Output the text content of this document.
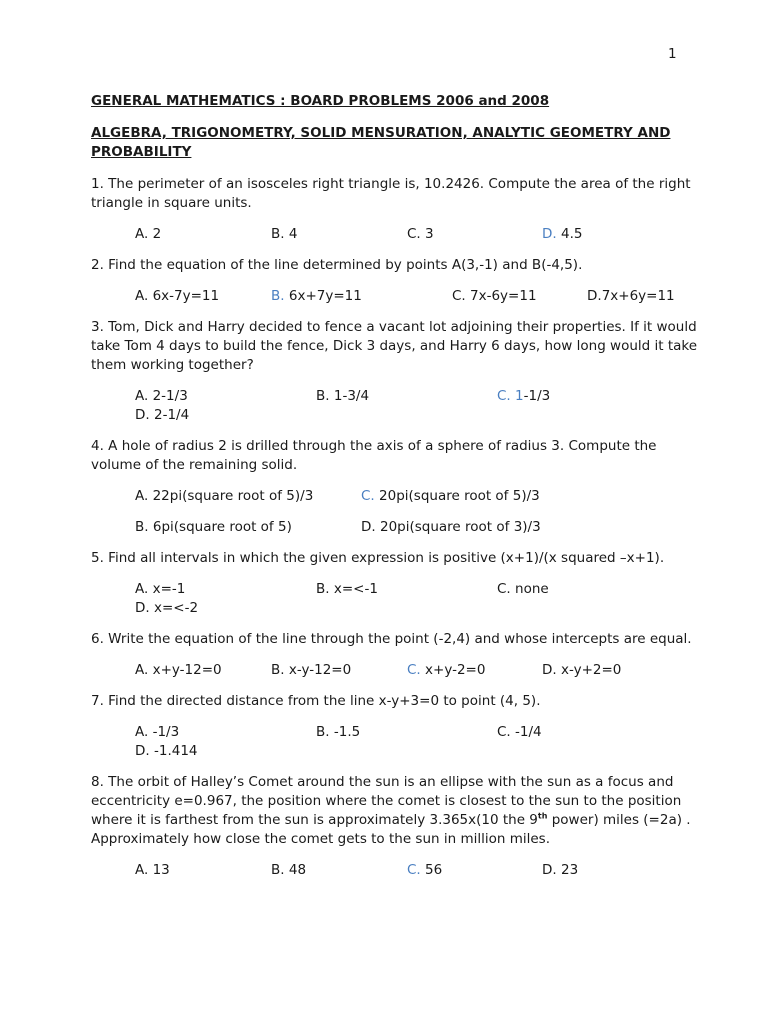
1
GENERAL MATHEMATICS : BOARD PROBLEMS 2006 and 2008
ALGEBRA, TRIGONOMETRY, SOLID MENSURATION, ANALYTIC GEOMETRY AND PROBABILITY
1. The perimeter of an isosceles right triangle is, 10.2426. Compute the area of the right triangle in square units.
A. 2	B. 4	C. 3	D. 4.5
2. Find the equation of the line determined by points A(3,-1) and B(-4,5).
A. 6x-7y=11	B. 6x+7y=11	C. 7x-6y=11	D.7x+6y=11
3. Tom, Dick and Harry decided to fence a vacant lot adjoining their properties. If it would take Tom 4 days to build the fence, Dick 3 days, and Harry 6 days, how long would it take them working together?
A. 2-1/3	B. 1-3/4	C. 1-1/3
D. 2-1/4
4. A hole of radius 2 is drilled through the axis of a sphere of radius 3. Compute the volume of the remaining solid.
A. 22pi(square root of 5)/3	C. 20pi(square root of 5)/3
B. 6pi(square root of 5)	D. 20pi(square root of 3)/3
5. Find all intervals in which the given expression is positive (x+1)/(x squared –x+1).
A. x=-1	B. x=<-1	C. none
D. x=<-2
6. Write the equation of the line through the point (-2,4) and whose intercepts are equal.
A. x+y-12=0	B. x-y-12=0	C. x+y-2=0	D. x-y+2=0
7. Find the directed distance from the line x-y+3=0 to point (4, 5).
A. -1/3	B. -1.5	C. -1/4
D. -1.414
8. The orbit of Halley’s Comet around the sun is an ellipse with the sun as a focus and eccentricity e=0.967, the position where the comet is closest to the sun to the position where it is farthest from the sun is approximately 3.365x(10 the 9th power) miles (=2a) . Approximately how close the comet gets to the sun in million miles.
A. 13	B. 48	C. 56	D. 23
